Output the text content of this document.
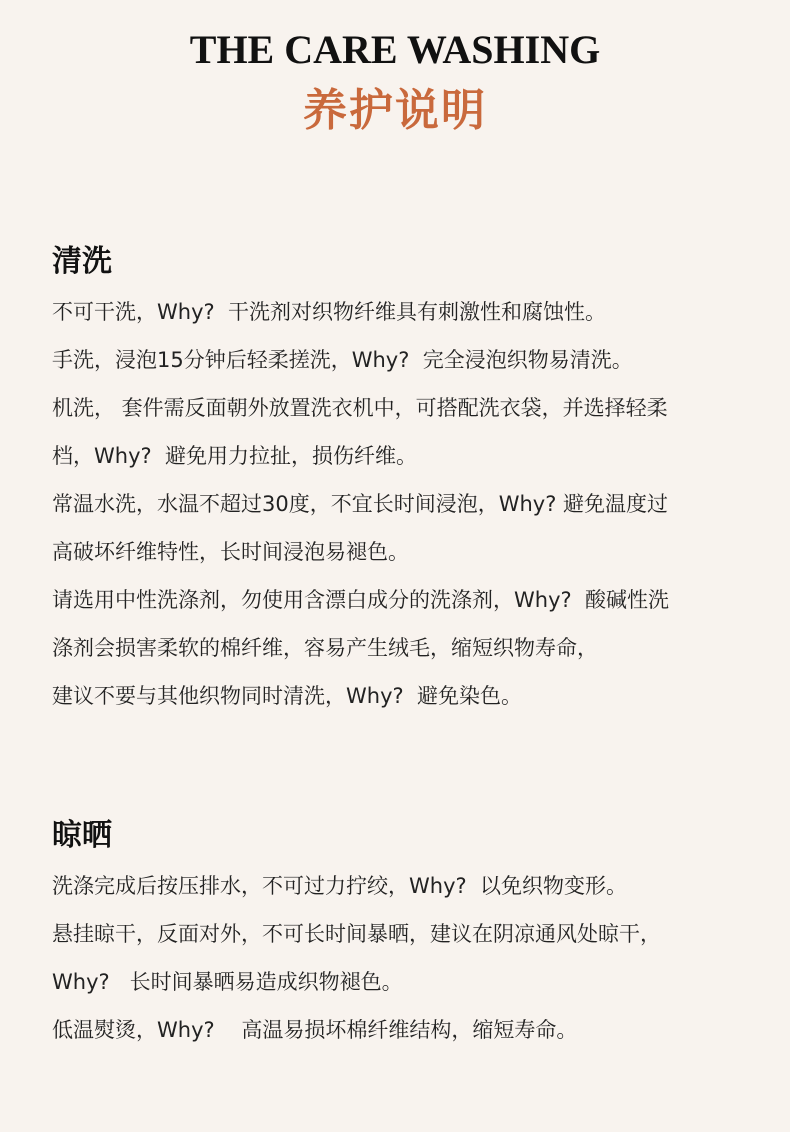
THE CARE WASHING
养护说明
清洗

不可干洗，Why?  干洗剂对织物纤维具有刺激性和腐蚀性。

手洗，浸泡15分钟后轻柔搓洗，Why?  完全浸泡织物易清洗。

机洗， 套件需反面朝外放置洗衣机中，可搭配洗衣袋，并选择轻柔

档，Why?  避免用力拉扯，损伤纤维。

常温水洗，水温不超过30度，不宜长时间浸泡，Why? 避免温度过

高破坏纤维特性，长时间浸泡易褪色。

请选用中性洗涤剂，勿使用含漂白成分的洗涤剂，Why?  酸碱性洗

涤剂会损害柔软的棉纤维，容易产生绒毛，缩短织物寿命，

建议不要与其他织物同时清洗，Why?  避免染色。

晾晒

洗涤完成后按压排水，不可过力拧绞，Why?  以免织物变形。

悬挂晾干，反面对外，不可长时间暴晒，建议在阴凉通风处晾干，

Why?   长时间暴晒易造成织物褪色。

低温熨烫，Why?    高温易损坏棉纤维结构，缩短寿命。
